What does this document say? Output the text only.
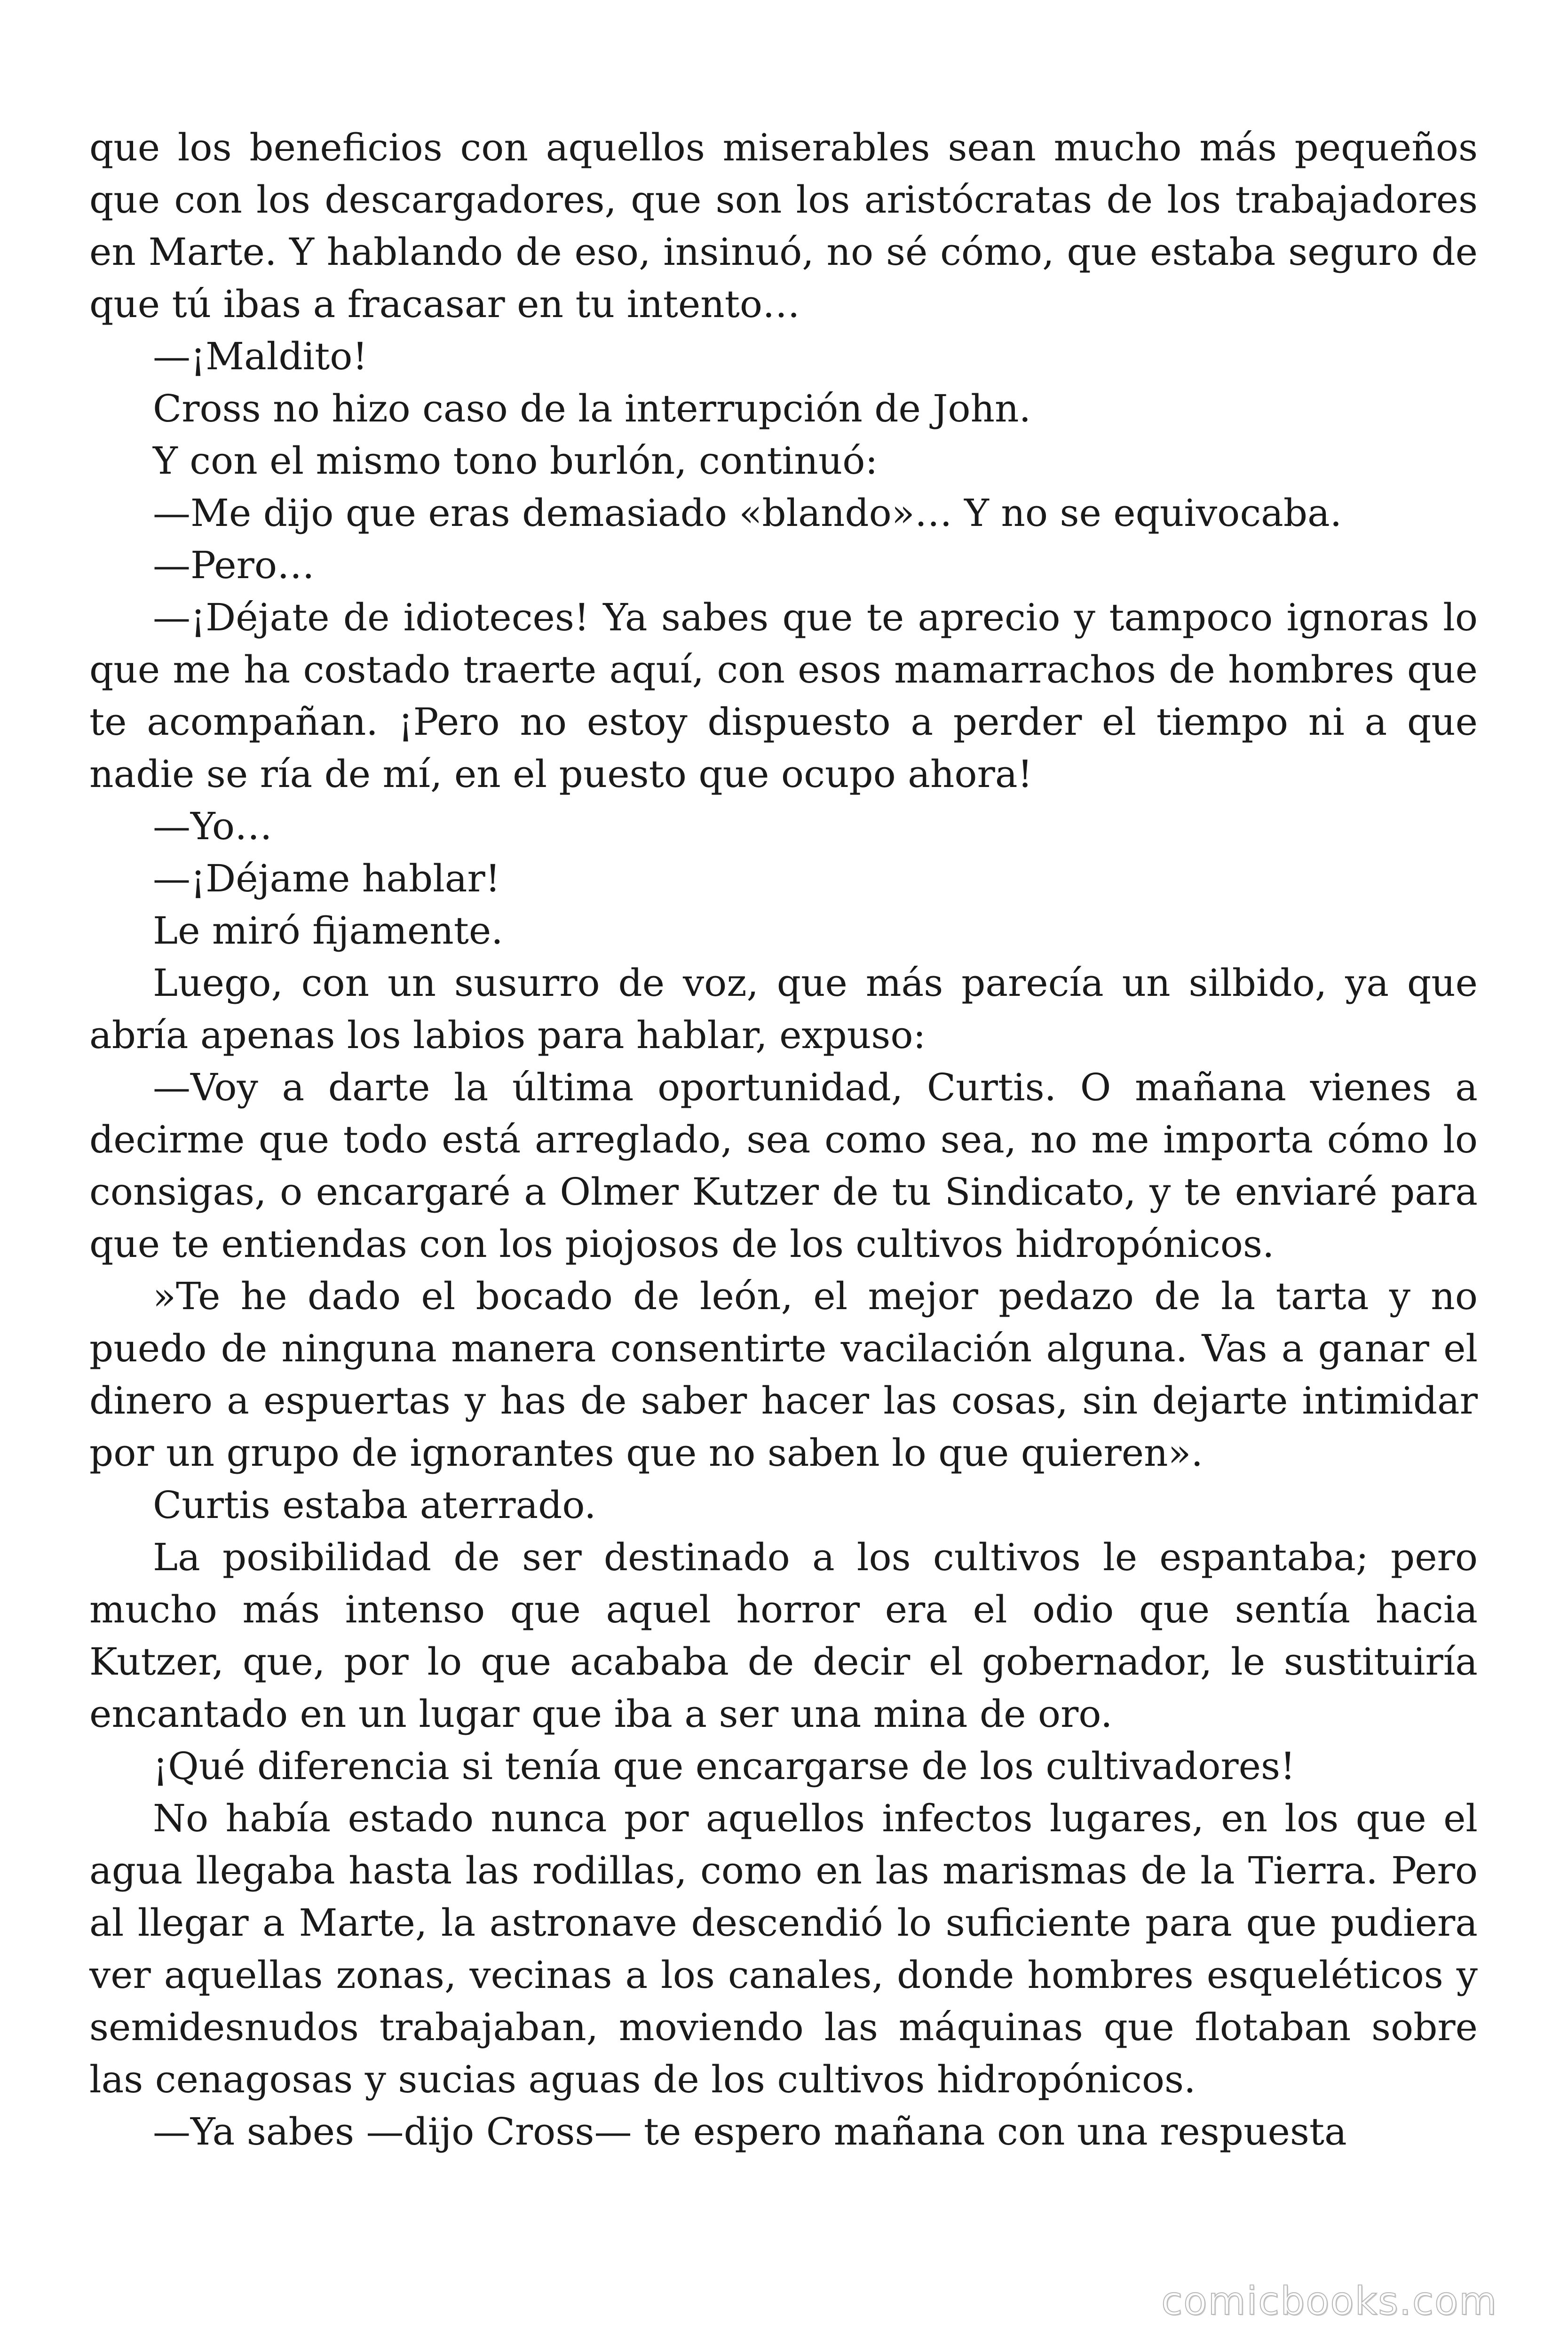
que los beneficios con aquellos miserables sean mucho más pequeños que con los descargadores, que son los aristócratas de los trabajadores en Marte. Y hablando de eso, insinuó, no sé cómo, que estaba seguro de que tú ibas a fracasar en tu intento…

—¡Maldito!

Cross no hizo caso de la interrupción de John.

Y con el mismo tono burlón, continuó:

—Me dijo que eras demasiado «blando»… Y no se equivocaba.

—Pero…

—¡Déjate de idioteces! Ya sabes que te aprecio y tampoco ignoras lo que me ha costado traerte aquí, con esos mamarrachos de hombres que te acompañan. ¡Pero no estoy dispuesto a perder el tiempo ni a que nadie se ría de mí, en el puesto que ocupo ahora!

—Yo…

—¡Déjame hablar!

Le miró fijamente.

Luego, con un susurro de voz, que más parecía un silbido, ya que abría apenas los labios para hablar, expuso:

—Voy a darte la última oportunidad, Curtis. O mañana vienes a decirme que todo está arreglado, sea como sea, no me importa cómo lo consigas, o encargaré a Olmer Kutzer de tu Sindicato, y te enviaré para que te entiendas con los piojosos de los cultivos hidropónicos.

»Te he dado el bocado de león, el mejor pedazo de la tarta y no puedo de ninguna manera consentirte vacilación alguna. Vas a ganar el dinero a espuertas y has de saber hacer las cosas, sin dejarte intimidar por un grupo de ignorantes que no saben lo que quieren».

Curtis estaba aterrado.

La posibilidad de ser destinado a los cultivos le espantaba; pero mucho más intenso que aquel horror era el odio que sentía hacia Kutzer, que, por lo que acababa de decir el gobernador, le sustituiría encantado en un lugar que iba a ser una mina de oro.

¡Qué diferencia si tenía que encargarse de los cultivadores!

No había estado nunca por aquellos infectos lugares, en los que el agua llegaba hasta las rodillas, como en las marismas de la Tierra. Pero al llegar a Marte, la astronave descendió lo suficiente para que pudiera ver aquellas zonas, vecinas a los canales, donde hombres esqueléticos y semidesnudos trabajaban, moviendo las máquinas que flotaban sobre las cenagosas y sucias aguas de los cultivos hidropónicos.

—Ya sabes —dijo Cross— te espero mañana con una respuesta

comicbooks.com
